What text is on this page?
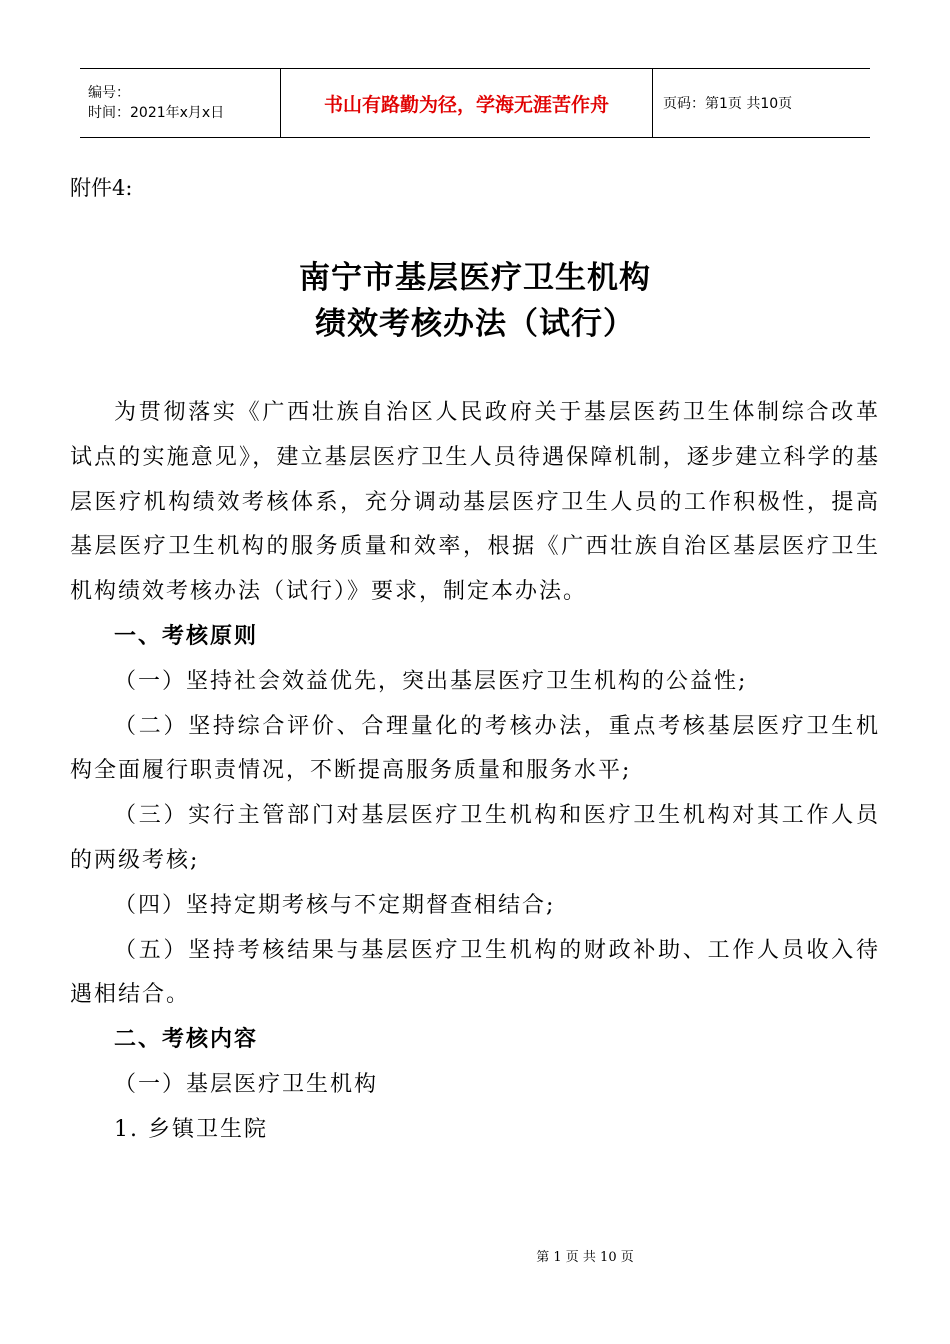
编号：
时间：2021年x月x日	书山有路勤为径，学海无涯苦作舟	页码：第1页 共10页
附件4:
南宁市基层医疗卫生机构
绩效考核办法（试行）

为贯彻落实《广西壮族自治区人民政府关于基层医药卫生体制综合改革试点的实施意见》，建立基层医疗卫生人员待遇保障机制，逐步建立科学的基层医疗机构绩效考核体系，充分调动基层医疗卫生人员的工作积极性，提高基层医疗卫生机构的服务质量和效率，根据《广西壮族自治区基层医疗卫生机构绩效考核办法（试行）》要求，制定本办法。

一、考核原则

（一）坚持社会效益优先，突出基层医疗卫生机构的公益性;

（二）坚持综合评价、合理量化的考核办法，重点考核基层医疗卫生机构全面履行职责情况，不断提高服务质量和服务水平;

（三）实行主管部门对基层医疗卫生机构和医疗卫生机构对其工作人员的两级考核;

（四）坚持定期考核与不定期督查相结合;

（五）坚持考核结果与基层医疗卫生机构的财政补助、工作人员收入待遇相结合。

二、考核内容

（一）基层医疗卫生机构

1. 乡镇卫生院

第 1 页 共 10 页
